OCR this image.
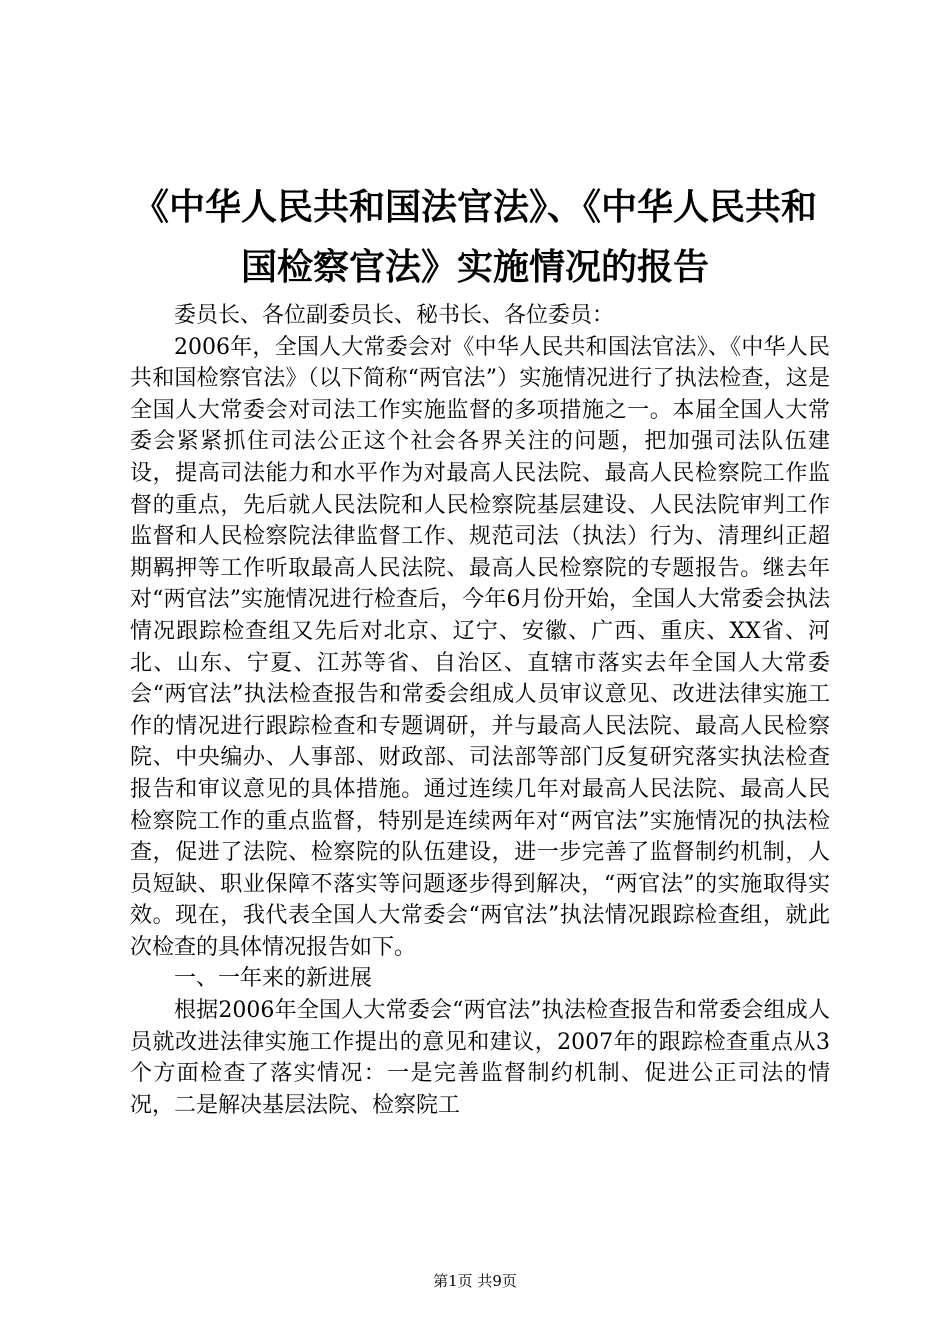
《中华人民共和国法官法》、《中华人民共和
国检察官法》实施情况的报告

委员长、各位副委员长、秘书长、各位委员：

2006年，全国人大常委会对《中华人民共和国法官法》、《中华人民共和国检察官法》（以下简称“两官法”）实施情况进行了执法检查，这是全国人大常委会对司法工作实施监督的多项措施之一。本届全国人大常委会紧紧抓住司法公正这个社会各界关注的问题，把加强司法队伍建设，提高司法能力和水平作为对最高人民法院、最高人民检察院工作监督的重点，先后就人民法院和人民检察院基层建设、人民法院审判工作监督和人民检察院法律监督工作、规范司法（执法）行为、清理纠正超期羁押等工作听取最高人民法院、最高人民检察院的专题报告。继去年对“两官法”实施情况进行检查后，今年6月份开始，全国人大常委会执法情况跟踪检查组又先后对北京、辽宁、安徽、广西、重庆、XX省、河北、山东、宁夏、江苏等省、自治区、直辖市落实去年全国人大常委会“两官法”执法检查报告和常委会组成人员审议意见、改进法律实施工作的情况进行跟踪检查和专题调研，并与最高人民法院、最高人民检察院、中央编办、人事部、财政部、司法部等部门反复研究落实执法检查报告和审议意见的具体措施。通过连续几年对最高人民法院、最高人民检察院工作的重点监督，特别是连续两年对“两官法”实施情况的执法检查，促进了法院、检察院的队伍建设，进一步完善了监督制约机制，人员短缺、职业保障不落实等问题逐步得到解决，“两官法”的实施取得实效。现在，我代表全国人大常委会“两官法”执法情况跟踪检查组，就此次检查的具体情况报告如下。

一、一年来的新进展

根据2006年全国人大常委会“两官法”执法检查报告和常委会组成人员就改进法律实施工作提出的意见和建议，2007年的跟踪检查重点从3个方面检查了落实情况：一是完善监督制约机制、促进公正司法的情况，二是解决基层法院、检察院工

第1页 共9页
